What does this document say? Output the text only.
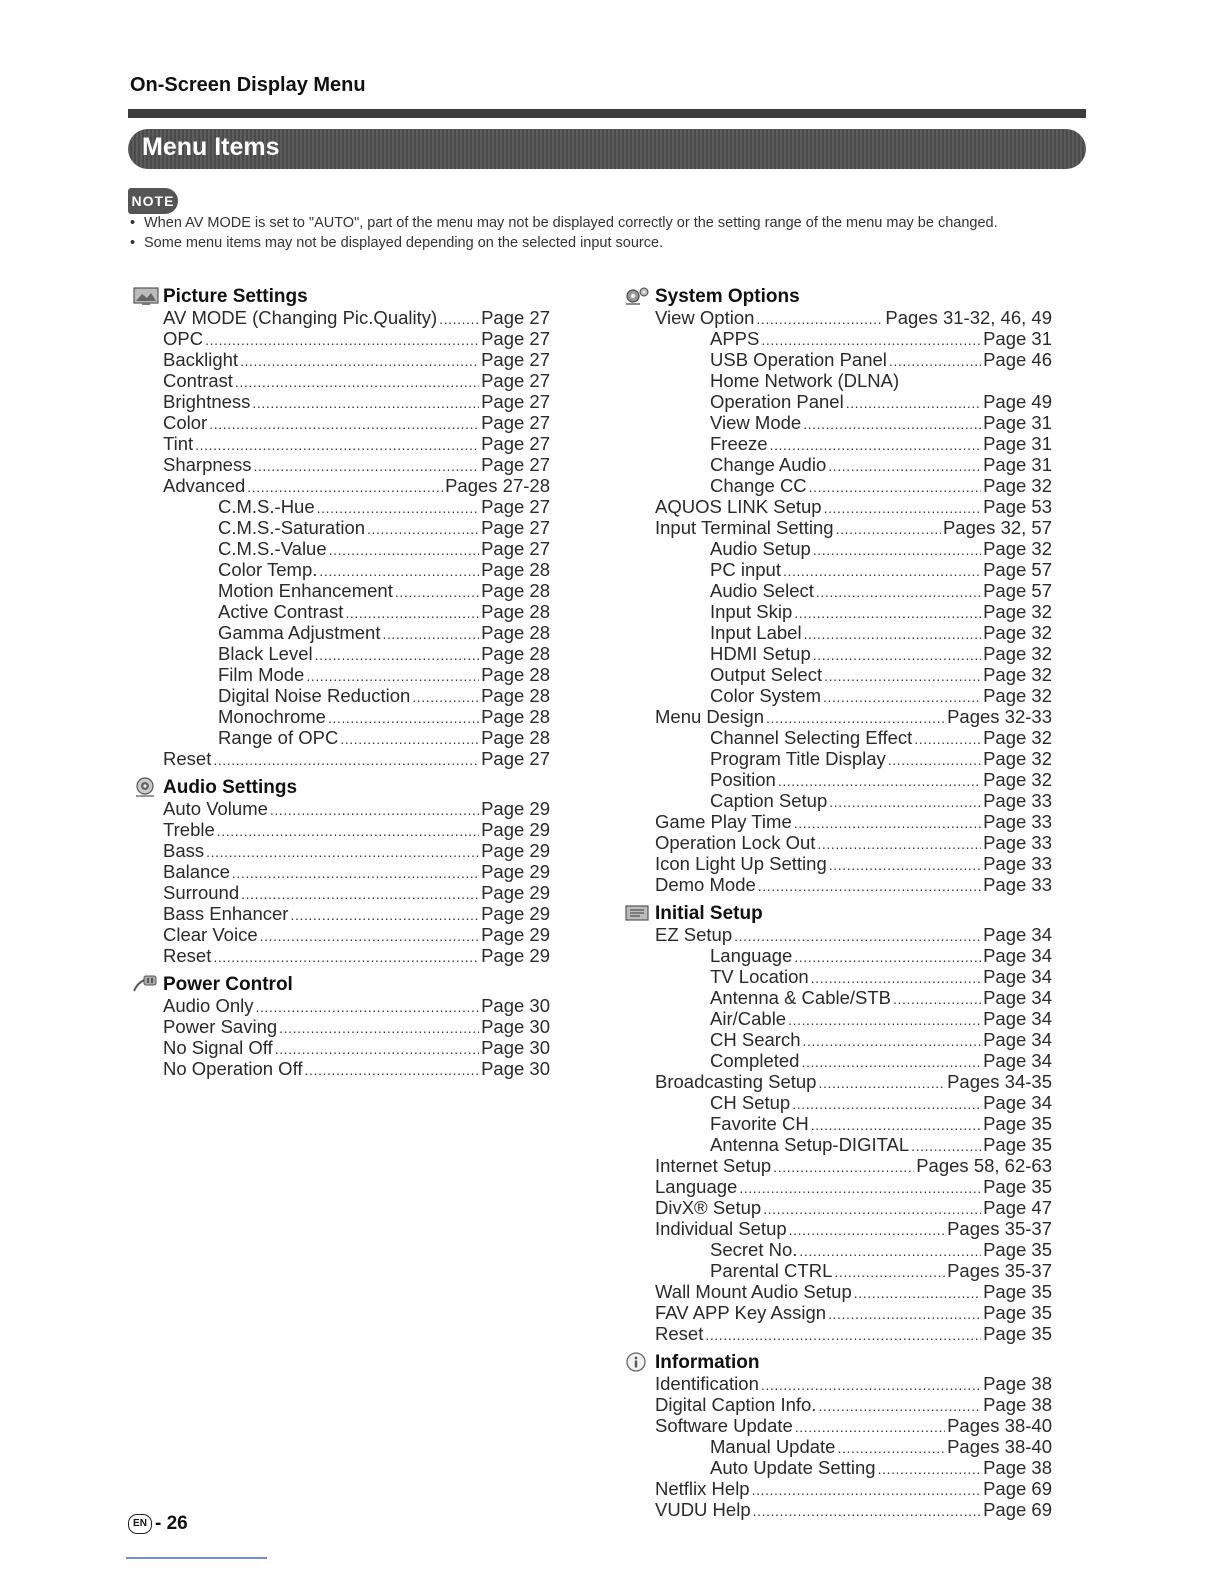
On-Screen Display Menu
Menu Items
NOTE
• When AV MODE is set to "AUTO", part of the menu may not be displayed correctly or the setting range of the menu may be changed.
• Some menu items may not be displayed depending on the selected input source.
Picture Settings
AV MODE (Changing Pic.Quality) ..... Page 27
OPC .....	Page 27
Backlight .....	Page 27
Contrast .....	Page 27
Brightness .....	Page 27
Color .....	Page 27
Tint .....	Page 27
Sharpness .....	Page 27
Advanced .....	Pages 27-28
C.M.S.-Hue .....	Page 27
C.M.S.-Saturation .....	Page 27
C.M.S.-Value .....	Page 27
Color Temp. .....	Page 28
Motion Enhancement .....	Page 28
Active Contrast .....	Page 28
Gamma Adjustment .....	Page 28
Black Level .....	Page 28
Film Mode .....	Page 28
Digital Noise Reduction .....	Page 28
Monochrome .....	Page 28
Range of OPC .....	Page 28
Reset .....	Page 27
Audio Settings
Auto Volume .....	Page 29
Treble .....	Page 29
Bass .....	Page 29
Balance .....	Page 29
Surround .....	Page 29
Bass Enhancer .....	Page 29
Clear Voice .....	Page 29
Reset .....	Page 29
Power Control
Audio Only .....	Page 30
Power Saving .....	Page 30
No Signal Off .....	Page 30
No Operation Off .....	Page 30
System Options
View Option .....	Pages 31-32, 46, 49
APPS .....	Page 31
USB Operation Panel .....	Page 46
Home Network (DLNA)
Operation Panel .....	Page 49
View Mode .....	Page 31
Freeze .....	Page 31
Change Audio .....	Page 31
Change CC .....	Page 32
AQUOS LINK Setup .....	Page 53
Input Terminal Setting .....	Pages 32, 57
Audio Setup .....	Page 32
PC input .....	Page 57
Audio Select .....	Page 57
Input Skip .....	Page 32
Input Label .....	Page 32
HDMI Setup .....	Page 32
Output Select .....	Page 32
Color System .....	Page 32
Menu Design .....	Pages 32-33
Channel Selecting Effect .....	Page 32
Program Title Display .....	Page 32
Position .....	Page 32
Caption Setup .....	Page 33
Game Play Time .....	Page 33
Operation Lock Out .....	Page 33
Icon Light Up Setting .....	Page 33
Demo Mode .....	Page 33
Initial Setup
EZ Setup .....	Page 34
Language .....	Page 34
TV Location .....	Page 34
Antenna & Cable/STB .....	Page 34
Air/Cable .....	Page 34
CH Search .....	Page 34
Completed .....	Page 34
Broadcasting Setup .....	Pages 34-35
CH Setup .....	Page 34
Favorite CH .....	Page 35
Antenna Setup-DIGITAL .....	Page 35
Internet Setup .....	Pages 58, 62-63
Language .....	Page 35
DivX® Setup .....	Page 47
Individual Setup .....	Pages 35-37
Secret No. .....	Page 35
Parental CTRL .....	Pages 35-37
Wall Mount Audio Setup .....	Page 35
FAV APP Key Assign .....	Page 35
Reset .....	Page 35
Information
Identification .....	Page 38
Digital Caption Info. .....	Page 38
Software Update .....	Pages 38-40
Manual Update .....	Pages 38-40
Auto Update Setting .....	Page 38
Netflix Help .....	Page 69
VUDU Help .....	Page 69
EN - 26
